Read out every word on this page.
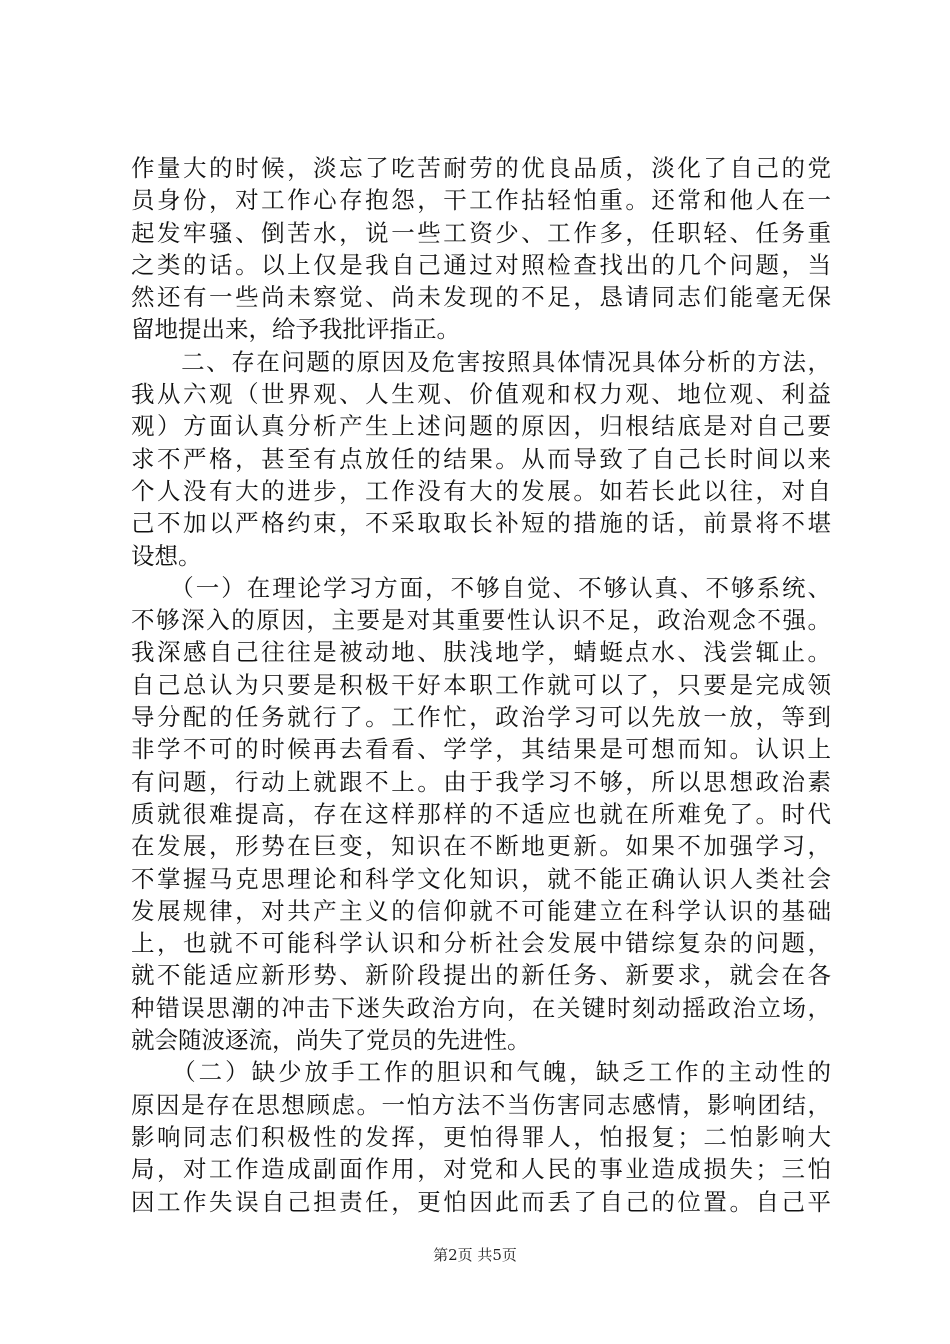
作量大的时候，淡忘了吃苦耐劳的优良品质，淡化了自己的党
员身份，对工作心存抱怨，干工作拈轻怕重。还常和他人在一
起发牢骚、倒苦水，说一些工资少、工作多，任职轻、任务重
之类的话。以上仅是我自己通过对照检查找出的几个问题，当
然还有一些尚未察觉、尚未发现的不足，恳请同志们能毫无保
留地提出来，给予我批评指正。
　　二、存在问题的原因及危害按照具体情况具体分析的方法，
我从六观（世界观、人生观、价值观和权力观、地位观、利益
观）方面认真分析产生上述问题的原因，归根结底是对自己要
求不严格，甚至有点放任的结果。从而导致了自己长时间以来
个人没有大的进步，工作没有大的发展。如若长此以往，对自
己不加以严格约束，不采取取长补短的措施的话，前景将不堪
设想。
　　（一）在理论学习方面，不够自觉、不够认真、不够系统、
不够深入的原因，主要是对其重要性认识不足，政治观念不强。
我深感自己往往是被动地、肤浅地学，蜻蜓点水、浅尝辄止。
自己总认为只要是积极干好本职工作就可以了，只要是完成领
导分配的任务就行了。工作忙，政治学习可以先放一放，等到
非学不可的时候再去看看、学学，其结果是可想而知。认识上
有问题，行动上就跟不上。由于我学习不够，所以思想政治素
质就很难提高，存在这样那样的不适应也就在所难免了。时代
在发展，形势在巨变，知识在不断地更新。如果不加强学习，
不掌握马克思理论和科学文化知识，就不能正确认识人类社会
发展规律，对共产主义的信仰就不可能建立在科学认识的基础
上，也就不可能科学认识和分析社会发展中错综复杂的问题，
就不能适应新形势、新阶段提出的新任务、新要求，就会在各
种错误思潮的冲击下迷失政治方向，在关键时刻动摇政治立场，
就会随波逐流，尚失了党员的先进性。
　　（二）缺少放手工作的胆识和气魄，缺乏工作的主动性的
原因是存在思想顾虑。一怕方法不当伤害同志感情，影响团结，
影响同志们积极性的发挥，更怕得罪人，怕报复；二怕影响大
局，对工作造成副面作用，对党和人民的事业造成损失；三怕
因工作失误自己担责任，更怕因此而丢了自己的位置。自己平
第2页 共5页
